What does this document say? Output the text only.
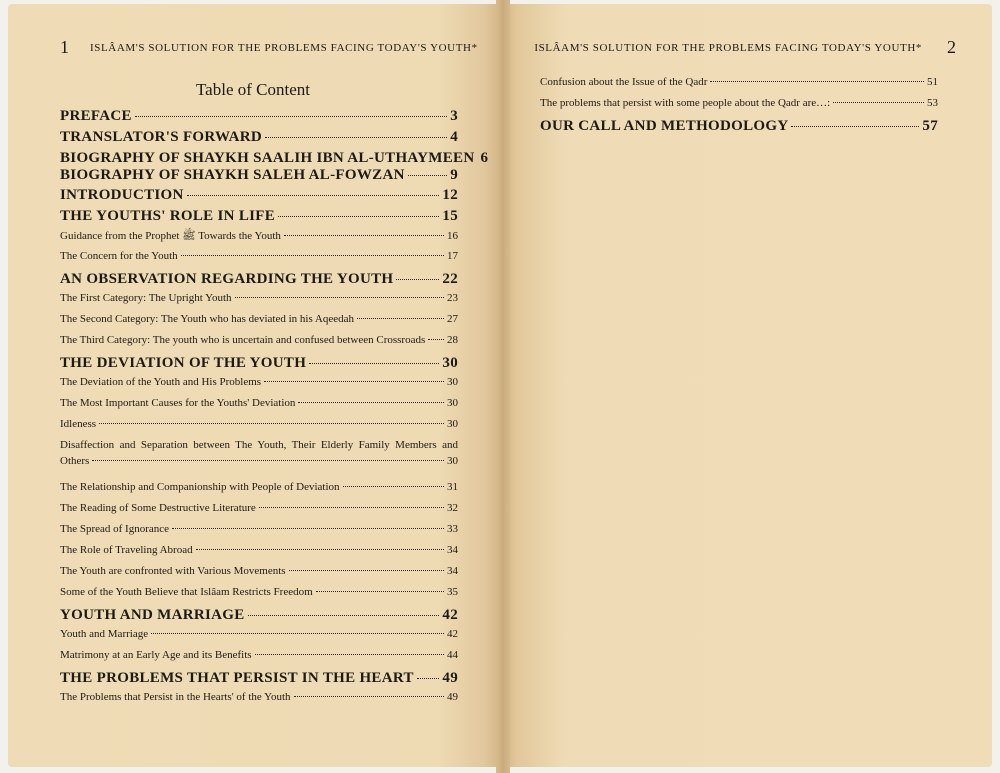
1 ISLÂAM'S SOLUTION FOR THE PROBLEMS FACING TODAY'S YOUTH*
Table of Content
PREFACE	3
TRANSLATOR'S FORWARD	4
BIOGRAPHY OF SHAYKH SAALIH IBN AL-UTHAYMEEN 6
BIOGRAPHY OF SHAYKH SALEH AL-FOWZAN	9
INTRODUCTION	12
THE YOUTHS' ROLE IN LIFE	15
Guidance from the Prophet ﷺ Towards the Youth	16
The Concern for the Youth	17
AN OBSERVATION REGARDING THE YOUTH	22
The First Category: The Upright Youth	23
The Second Category: The Youth who has deviated in his Aqeedah	27
The Third Category: The youth who is uncertain and confused between Crossroads 28
THE DEVIATION OF THE YOUTH	30
The Deviation of the Youth and His Problems	30
The Most Important Causes for the Youths' Deviation	30
Idleness	30
Disaffection and Separation between The Youth, Their Elderly Family Members and
Others	30
The Relationship and Companionship with People of Deviation	31
The Reading of Some Destructive Literature	32
The Spread of Ignorance	33
The Role of Traveling Abroad	34
The Youth are confronted with Various Movements	34
Some of the Youth Believe that Islâam Restricts Freedom	35
YOUTH AND MARRIAGE	42
Youth and Marriage	42
Matrimony at an Early Age and its Benefits	44
THE PROBLEMS THAT PERSIST IN THE HEART 49
The Problems that Persist in the Hearts' of the Youth	49
ISLÂAM'S SOLUTION FOR THE PROBLEMS FACING TODAY'S YOUTH* 2
Confusion about the Issue of the Qadr	51
The problems that persist with some people about the Qadr are…:	53
OUR CALL AND METHODOLOGY	57
